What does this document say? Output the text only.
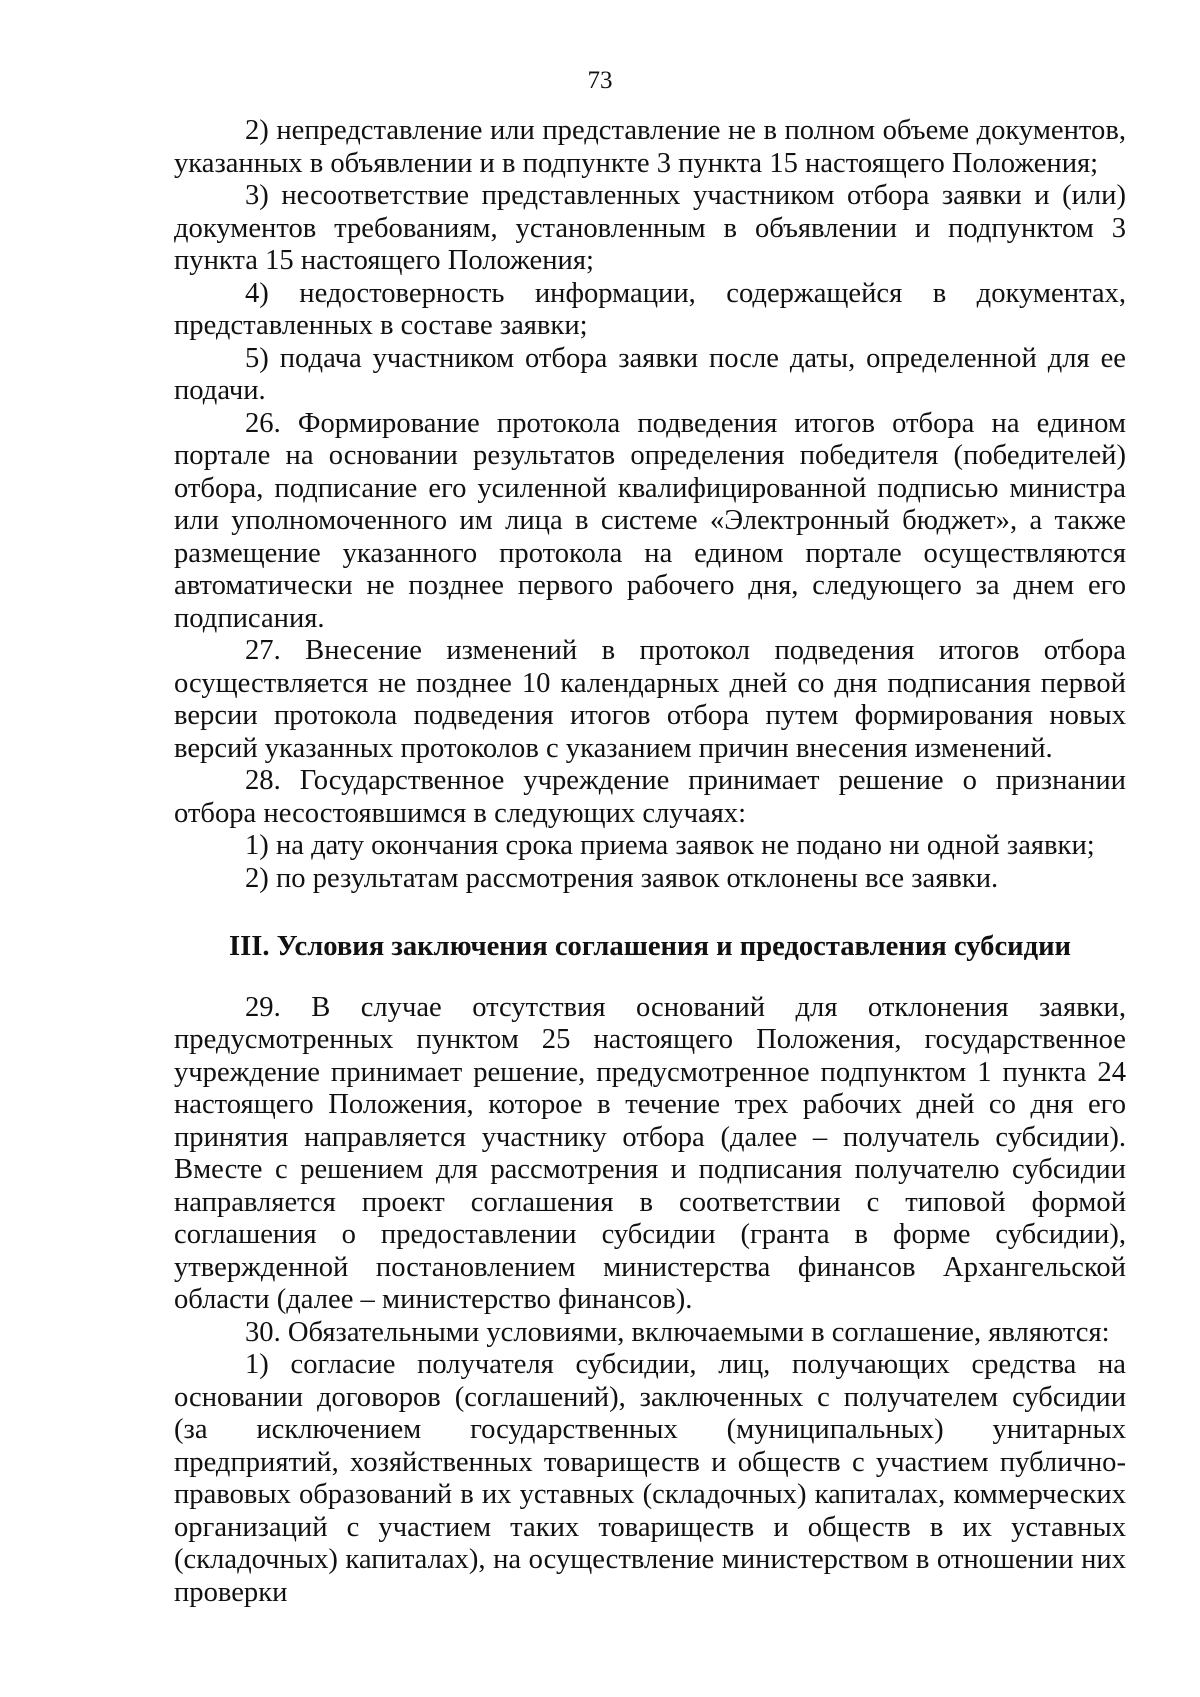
73

2) непредставление или представление не в полном объеме документов, указанных в объявлении и в подпункте 3 пункта 15 настоящего Положения;

3) несоответствие представленных участником отбора заявки и (или) документов требованиям, установленным в объявлении и подпунктом 3 пункта 15 настоящего Положения;

4) недостоверность информации, содержащейся в документах, представленных в составе заявки;

5) подача участником отбора заявки после даты, определенной для ее подачи.

26. Формирование протокола подведения итогов отбора на едином портале на основании результатов определения победителя (победителей) отбора, подписание его усиленной квалифицированной подписью министра или уполномоченного им лица в системе «Электронный бюджет», а также размещение указанного протокола на едином портале осуществляются автоматически не позднее первого рабочего дня, следующего за днем его подписания.

27. Внесение изменений в протокол подведения итогов отбора осуществляется не позднее 10 календарных дней со дня подписания первой версии протокола подведения итогов отбора путем формирования новых версий указанных протоколов с указанием причин внесения изменений.

28. Государственное учреждение принимает решение о признании отбора несостоявшимся в следующих случаях:

1) на дату окончания срока приема заявок не подано ни одной заявки;

2) по результатам рассмотрения заявок отклонены все заявки.

III. Условия заключения соглашения и предоставления субсидии

29. В случае отсутствия оснований для отклонения заявки, предусмотренных пунктом 25 настоящего Положения, государственное учреждение принимает решение, предусмотренное подпунктом 1 пункта 24 настоящего Положения, которое в течение трех рабочих дней со дня его принятия направляется участнику отбора (далее – получатель субсидии). Вместе с решением для рассмотрения и подписания получателю субсидии направляется проект соглашения в соответствии с типовой формой соглашения о предоставлении субсидии (гранта в форме субсидии), утвержденной постановлением министерства финансов Архангельской области (далее – министерство финансов).

30. Обязательными условиями, включаемыми в соглашение, являются:

1) согласие получателя субсидии, лиц, получающих средства на основании договоров (соглашений), заключенных с получателем субсидии (за исключением государственных (муниципальных) унитарных предприятий, хозяйственных товариществ и обществ с участием публично-правовых образований в их уставных (складочных) капиталах, коммерческих организаций с участием таких товариществ и обществ в их уставных (складочных) капиталах), на осуществление министерством в отношении них проверки
